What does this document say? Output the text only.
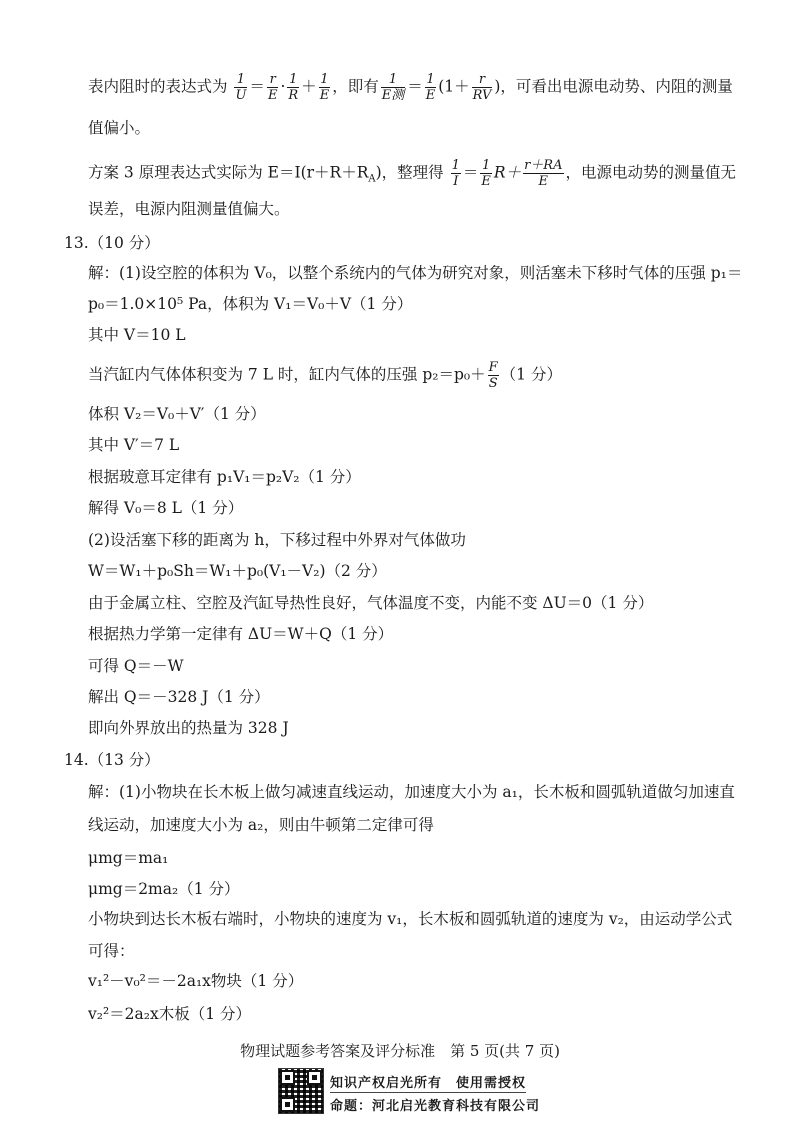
表内阻时的表达式为 $\frac{1}{U} = \frac{r}{E} \cdot \frac{1}{R} + \frac{1}{E}$ ，即有 $\frac{1}{\text{E测}} = \frac{1}{E} (1+ \frac{r}{RV}$ )，可看出电源电动势、内阻的测量
值偏小。
方案 3 原理表达式实际为 $E=I(r+R+R_A)$，整理得 $\frac{1}{I} = \frac{1}{E} R+ \frac{r+RA}{E}$ ，电源电动势的测量值无
误差，电源内阻测量值偏大。
13.（10 分）
解：(1)设空腔的体积为 V₀，以整个系统内的气体为研究对象，则活塞未下移时气体的压强 p₁＝
p₀＝1.0×10⁵ Pa，体积为 V₁＝V₀＋V（1 分）
其中 V＝10 L
当汽缸内气体体积变为 7 L 时，缸内气体的压强 $p_2=p_0+ \frac{F}{S} (1$ 分）
体积 V₂＝V₀＋V′（1 分）
其中 V′＝7 L
根据玻意耳定律有 p₁V₁＝p₂V₂（1 分）
解得 V₀＝8 L（1 分）
(2)设活塞下移的距离为 h，下移过程中外界对气体做功
W＝W₁＋p₀Sh＝W₁＋p₀(V₁－V₂)（2 分）
由于金属立柱、空腔及汽缸导热性良好，气体温度不变，内能不变 ΔU＝0（1 分）
根据热力学第一定律有 ΔU＝W＋Q（1 分）
可得 Q＝－W
解出 Q＝－328 J（1 分）
即向外界放出的热量为 328 J
14.（13 分）
解：(1)小物块在长木板上做匀减速直线运动，加速度大小为 a₁，长木板和圆弧轨道做匀加速直
线运动，加速度大小为 a₂，则由牛顿第二定律可得
μmg＝ma₁
μmg＝2ma₂（1 分）
小物块到达长木板右端时，小物块的速度为 v₁，长木板和圆弧轨道的速度为 v₂，由运动学公式
可得：
v₁²－v₀²＝－2a₁x物块（1 分）
v₂²＝2a₂x木板（1 分）
物理试题参考答案及评分标准　第 5 页(共 7 页)
知识产权启光所有　使用需授权
命题：河北启光教育科技有限公司
